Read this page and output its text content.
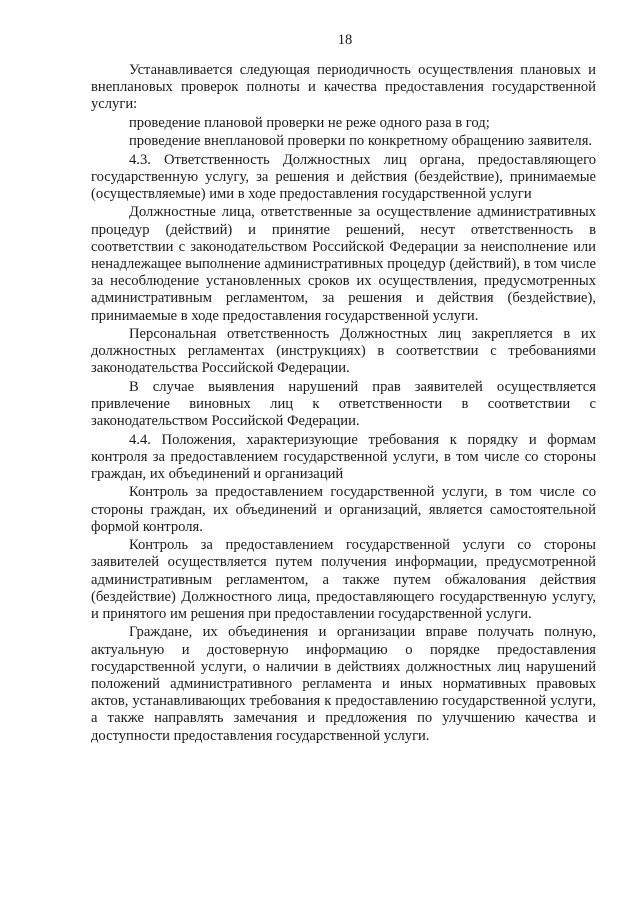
18

Устанавливается следующая периодичность осуществления плановых и внеплановых проверок полноты и качества предоставления государственной услуги:

проведение плановой проверки не реже одного раза в год;

проведение внеплановой проверки по конкретному обращению заявителя.

4.3. Ответственность Должностных лиц органа, предоставляющего государственную услугу, за решения и действия (бездействие), принимаемые (осуществляемые) ими в ходе предоставления государственной услуги

Должностные лица, ответственные за осуществление административных процедур (действий) и принятие решений, несут ответственность в соответствии с законодательством Российской Федерации за неисполнение или ненадлежащее выполнение административных процедур (действий), в том числе за несоблюдение установленных сроков их осуществления, предусмотренных административным регламентом, за решения и действия (бездействие), принимаемые в ходе предоставления государственной услуги.

Персональная ответственность Должностных лиц закрепляется в их должностных регламентах (инструкциях) в соответствии с требованиями законодательства Российской Федерации.

В случае выявления нарушений прав заявителей осуществляется привлечение виновных лиц к ответственности в соответствии с законодательством Российской Федерации.

4.4. Положения, характеризующие требования к порядку и формам контроля за предоставлением государственной услуги, в том числе со стороны граждан, их объединений и организаций

Контроль за предоставлением государственной услуги, в том числе со стороны граждан, их объединений и организаций, является самостоятельной формой контроля.

Контроль за предоставлением государственной услуги со стороны заявителей осуществляется путем получения информации, предусмотренной административным регламентом, а также путем обжалования действия (бездействие) Должностного лица, предоставляющего государственную услугу, и принятого им решения при предоставлении государственной услуги.

Граждане, их объединения и организации вправе получать полную, актуальную и достоверную информацию о порядке предоставления государственной услуги, о наличии в действиях должностных лиц нарушений положений административного регламента и иных нормативных правовых актов, устанавливающих требования к предоставлению государственной услуги, а также направлять замечания и предложения по улучшению качества и доступности предоставления государственной услуги.
